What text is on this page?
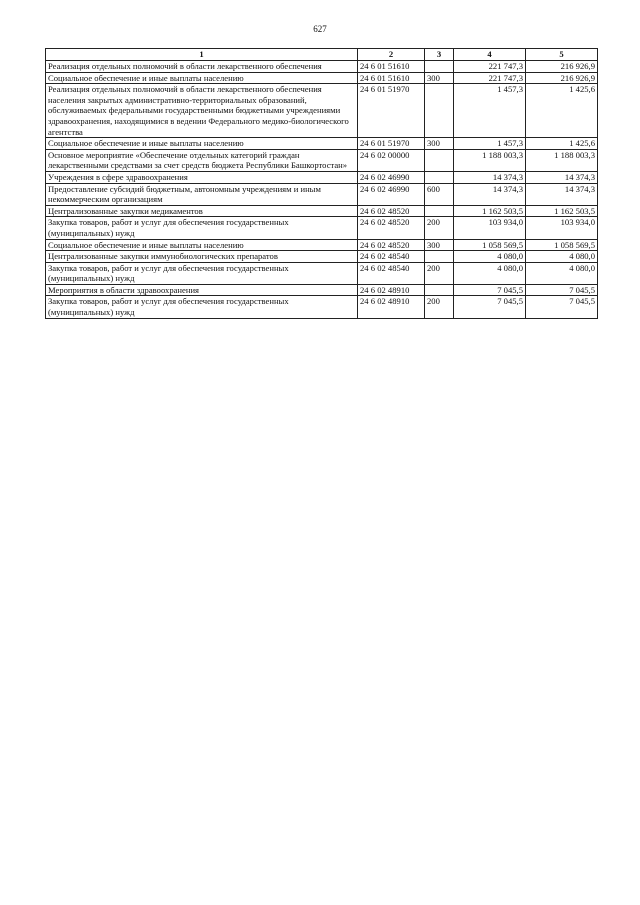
627
1	2	3	4	5
Реализация отдельных полномочий в области лекарственного обеспечения	24 6 01 51610		221 747,3	216 926,9
Социальное обеспечение и иные выплаты населению	24 6 01 51610	300	221 747,3	216 926,9
Реализация отдельных полномочий в области лекарственного обеспечения населения закрытых административно-территориальных образований, обслуживаемых федеральными государственными бюджетными учреждениями здравоохранения, находящимися в ведении Федерального медико-биологического агентства	24 6 01 51970		1 457,3	1 425,6
Социальное обеспечение и иные выплаты населению	24 6 01 51970	300	1 457,3	1 425,6
Основное мероприятие «Обеспечение отдельных категорий граждан лекарственными средствами за счет средств бюджета Республики Башкортостан»	24 6 02 00000		1 188 003,3	1 188 003,3
Учреждения в сфере здравоохранения	24 6 02 46990		14 374,3	14 374,3
Предоставление субсидий бюджетным, автономным учреждениям и иным некоммерческим организациям	24 6 02 46990	600	14 374,3	14 374,3
Централизованные закупки медикаментов	24 6 02 48520		1 162 503,5	1 162 503,5
Закупка товаров, работ и услуг для обеспечения государственных (муниципальных) нужд	24 6 02 48520	200	103 934,0	103 934,0
Социальное обеспечение и иные выплаты населению	24 6 02 48520	300	1 058 569,5	1 058 569,5
Централизованные закупки иммунобиологических препаратов	24 6 02 48540		4 080,0	4 080,0
Закупка товаров, работ и услуг для обеспечения государственных (муниципальных) нужд	24 6 02 48540	200	4 080,0	4 080,0
Мероприятия в области здравоохранения	24 6 02 48910		7 045,5	7 045,5
Закупка товаров, работ и услуг для обеспечения государственных (муниципальных) нужд	24 6 02 48910	200	7 045,5	7 045,5
